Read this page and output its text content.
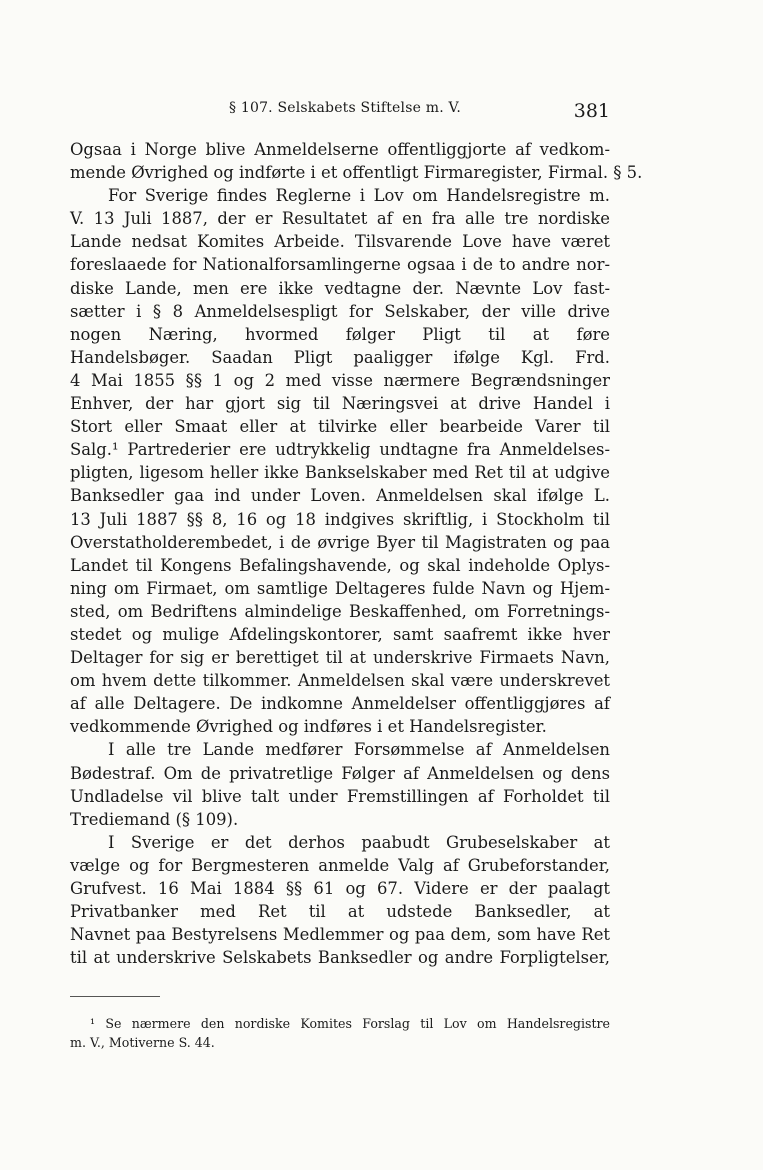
§ 107. Selskabets Stiftelse m. V.	381
Ogsaa i Norge blive Anmeldelserne offentliggjorte af vedkom-
mende Øvrighed og indførte i et offentligt Firmaregister, Firmal. § 5.
For Sverige findes Reglerne i Lov om Handelsregistre m.
V. 13 Juli 1887, der er Resultatet af en fra alle tre nordiske
Lande nedsat Komites Arbeide. Tilsvarende Love have været
foreslaaede for Nationalforsamlingerne ogsaa i de to andre nor-
diske Lande, men ere ikke vedtagne der. Nævnte Lov fast-
sætter i § 8 Anmeldelsespligt for Selskaber, der ville drive
nogen Næring, hvormed følger Pligt til at føre
Handelsbøger. Saadan Pligt paaligger ifølge Kgl. Frd.
4 Mai 1855 §§ 1 og 2 med visse nærmere Begrændsninger
Enhver, der har gjort sig til Næringsvei at drive Handel i
Stort eller Smaat eller at tilvirke eller bearbeide Varer til
Salg.¹ Partrederier ere udtrykkelig undtagne fra Anmeldelses-
pligten, ligesom heller ikke Bankselskaber med Ret til at udgive
Banksedler gaa ind under Loven. Anmeldelsen skal ifølge L.
13 Juli 1887 §§ 8, 16 og 18 indgives skriftlig, i Stockholm til
Overstatholderembedet, i de øvrige Byer til Magistraten og paa
Landet til Kongens Befalingshavende, og skal indeholde Oplys-
ning om Firmaet, om samtlige Deltageres fulde Navn og Hjem-
sted, om Bedriftens almindelige Beskaffenhed, om Forretnings-
stedet og mulige Afdelingskontorer, samt saafremt ikke hver
Deltager for sig er berettiget til at underskrive Firmaets Navn,
om hvem dette tilkommer. Anmeldelsen skal være underskrevet
af alle Deltagere. De indkomne Anmeldelser offentliggjøres af
vedkommende Øvrighed og indføres i et Handelsregister.
I alle tre Lande medfører Forsømmelse af Anmeldelsen
Bødestraf. Om de privatretlige Følger af Anmeldelsen og dens
Undladelse vil blive talt under Fremstillingen af Forholdet til
Trediemand (§ 109).
I Sverige er det derhos paabudt Grubeselskaber at
vælge og for Bergmesteren anmelde Valg af Grubeforstander,
Grufvest. 16 Mai 1884 §§ 61 og 67. Videre er der paalagt
Privatbanker med Ret til at udstede Banksedler, at
Navnet paa Bestyrelsens Medlemmer og paa dem, som have Ret
til at underskrive Selskabets Banksedler og andre Forpligtelser,
¹ Se nærmere den nordiske Komites Forslag til Lov om Handelsregistre
m. V., Motiverne S. 44.
